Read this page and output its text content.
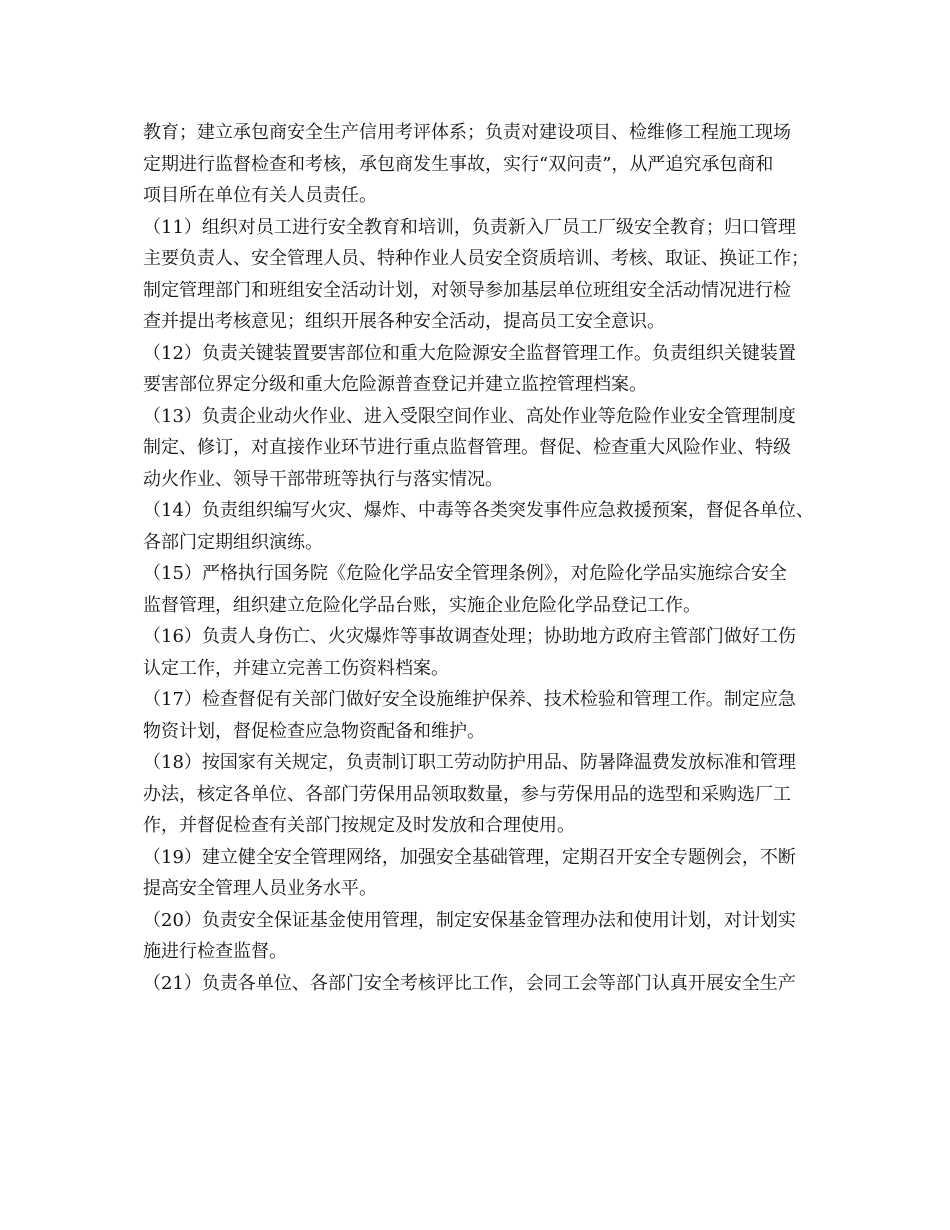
教育；建立承包商安全生产信用考评体系；负责对建设项目、检维修工程施工现场
定期进行监督检查和考核，承包商发生事故，实行“双问责”，从严追究承包商和
项目所在单位有关人员责任。
（11）组织对员工进行安全教育和培训，负责新入厂员工厂级安全教育；归口管理
主要负责人、安全管理人员、特种作业人员安全资质培训、考核、取证、换证工作；
制定管理部门和班组安全活动计划，对领导参加基层单位班组安全活动情况进行检
查并提出考核意见；组织开展各种安全活动，提高员工安全意识。
（12）负责关键装置要害部位和重大危险源安全监督管理工作。负责组织关键装置
要害部位界定分级和重大危险源普查登记并建立监控管理档案。
（13）负责企业动火作业、进入受限空间作业、高处作业等危险作业安全管理制度
制定、修订，对直接作业环节进行重点监督管理。督促、检查重大风险作业、特级
动火作业、领导干部带班等执行与落实情况。
（14）负责组织编写火灾、爆炸、中毒等各类突发事件应急救援预案，督促各单位、
各部门定期组织演练。
（15）严格执行国务院《危险化学品安全管理条例》，对危险化学品实施综合安全
监督管理，组织建立危险化学品台账，实施企业危险化学品登记工作。
（16）负责人身伤亡、火灾爆炸等事故调查处理；协助地方政府主管部门做好工伤
认定工作，并建立完善工伤资料档案。
（17）检查督促有关部门做好安全设施维护保养、技术检验和管理工作。制定应急
物资计划，督促检查应急物资配备和维护。
（18）按国家有关规定，负责制订职工劳动防护用品、防暑降温费发放标准和管理
办法，核定各单位、各部门劳保用品领取数量，参与劳保用品的选型和采购选厂工
作，并督促检查有关部门按规定及时发放和合理使用。
（19）建立健全安全管理网络，加强安全基础管理，定期召开安全专题例会，不断
提高安全管理人员业务水平。
（20）负责安全保证基金使用管理，制定安保基金管理办法和使用计划，对计划实
施进行检查监督。
（21）负责各单位、各部门安全考核评比工作，会同工会等部门认真开展安全生产
